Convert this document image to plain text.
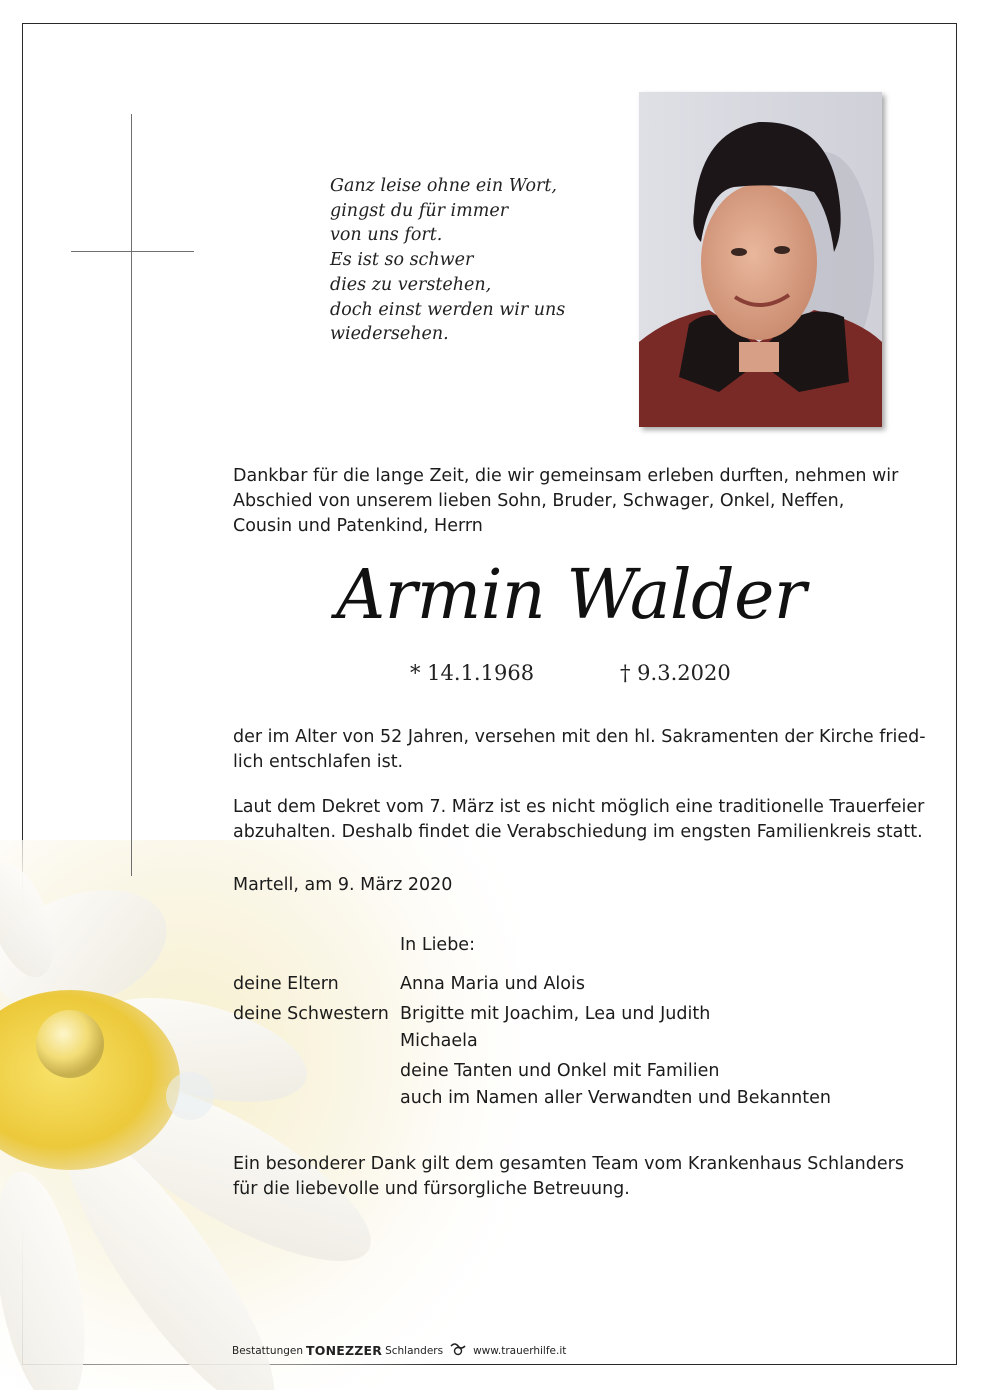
Ganz leise ohne ein Wort,
gingst du für immer
von uns fort.
Es ist so schwer
dies zu verstehen,
doch einst werden wir uns
wiedersehen.
Dankbar für die lange Zeit, die wir gemeinsam erleben durften, nehmen wir
Abschied von unserem lieben Sohn, Bruder, Schwager, Onkel, Neffen,
Cousin und Patenkind, Herrn
Armin Walder
* 14.1.1968	† 9.3.2020
der im Alter von 52 Jahren, versehen mit den hl. Sakramenten der Kirche fried-
lich entschlafen ist.
Laut dem Dekret vom 7. März ist es nicht möglich eine traditionelle Trauerfeier
abzuhalten. Deshalb findet die Verabschiedung im engsten Familienkreis statt.
Martell, am 9. März 2020
In Liebe:
deine Eltern	Anna Maria und Alois
deine Schwestern Brigitte mit Joachim, Lea und Judith
Michaela
deine Tanten und Onkel mit Familien
auch im Namen aller Verwandten und Bekannten
Ein besonderer Dank gilt dem gesamten Team vom Krankenhaus Schlanders
für die liebevolle und fürsorgliche Betreuung.
Bestattungen TONEZZER Schlanders	www.trauerhilfe.it
